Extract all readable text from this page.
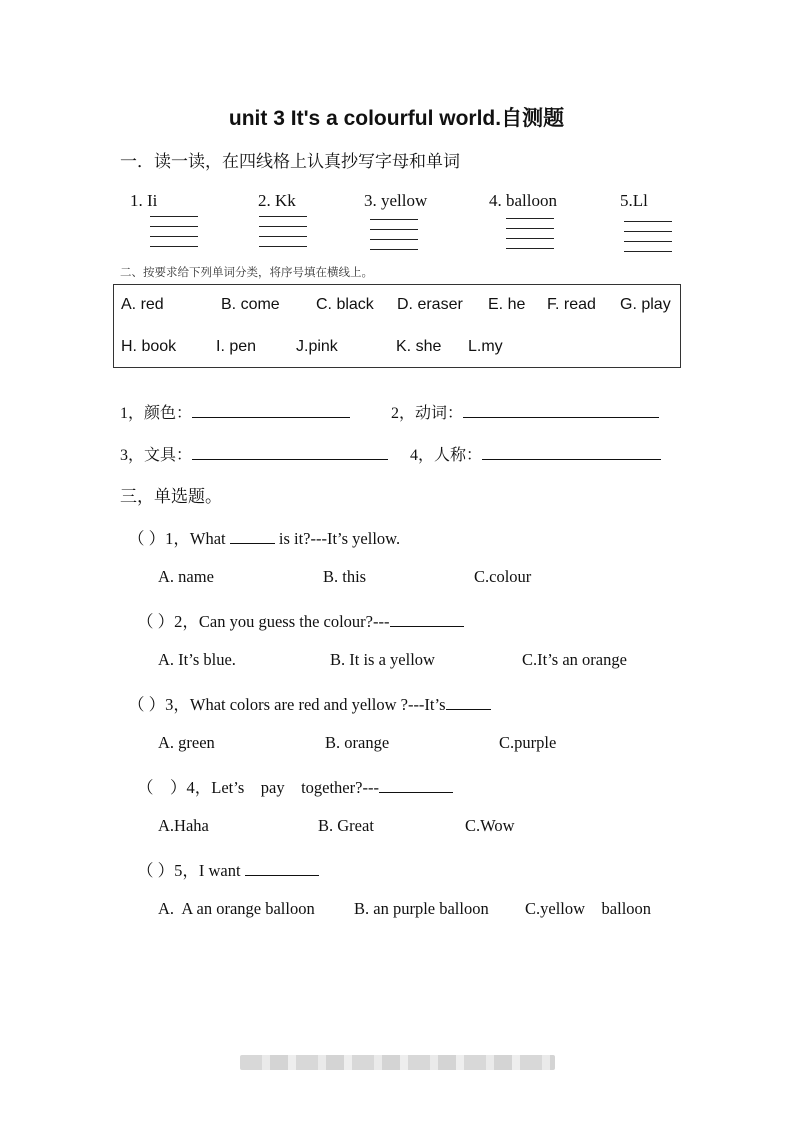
unit 3 It's a colourful world.自测题
一．读一读，在四线格上认真抄写字母和单词
1. Ii	2. Kk	3. yellow	4. balloon	5.Ll
二、按要求给下列单词分类，将序号填在横线上。
A. red	B. come C. black D. eraser E. he F. read G. play
H. book I. pen J.pink	K. she L.my
1，颜色：	2，动词：
3，文具：	4，人称：
三，单选题。
（ ）1，What	is it?---It’s yellow.
A. name	B. this	C.colour
（ ）2，Can you guess the colour?---
A. It’s blue.	B. It is a yellow	C.It’s an orange
（ ）3，What colors are red and yellow ?---It’s
A. green	B. orange	C.purple
（    ）4，Let’s    pay    together?---
A.Haha	B. Great	C.Wow
（ ）5，I want
A.  A an orange balloon B. an purple balloon C.yellow    balloon
